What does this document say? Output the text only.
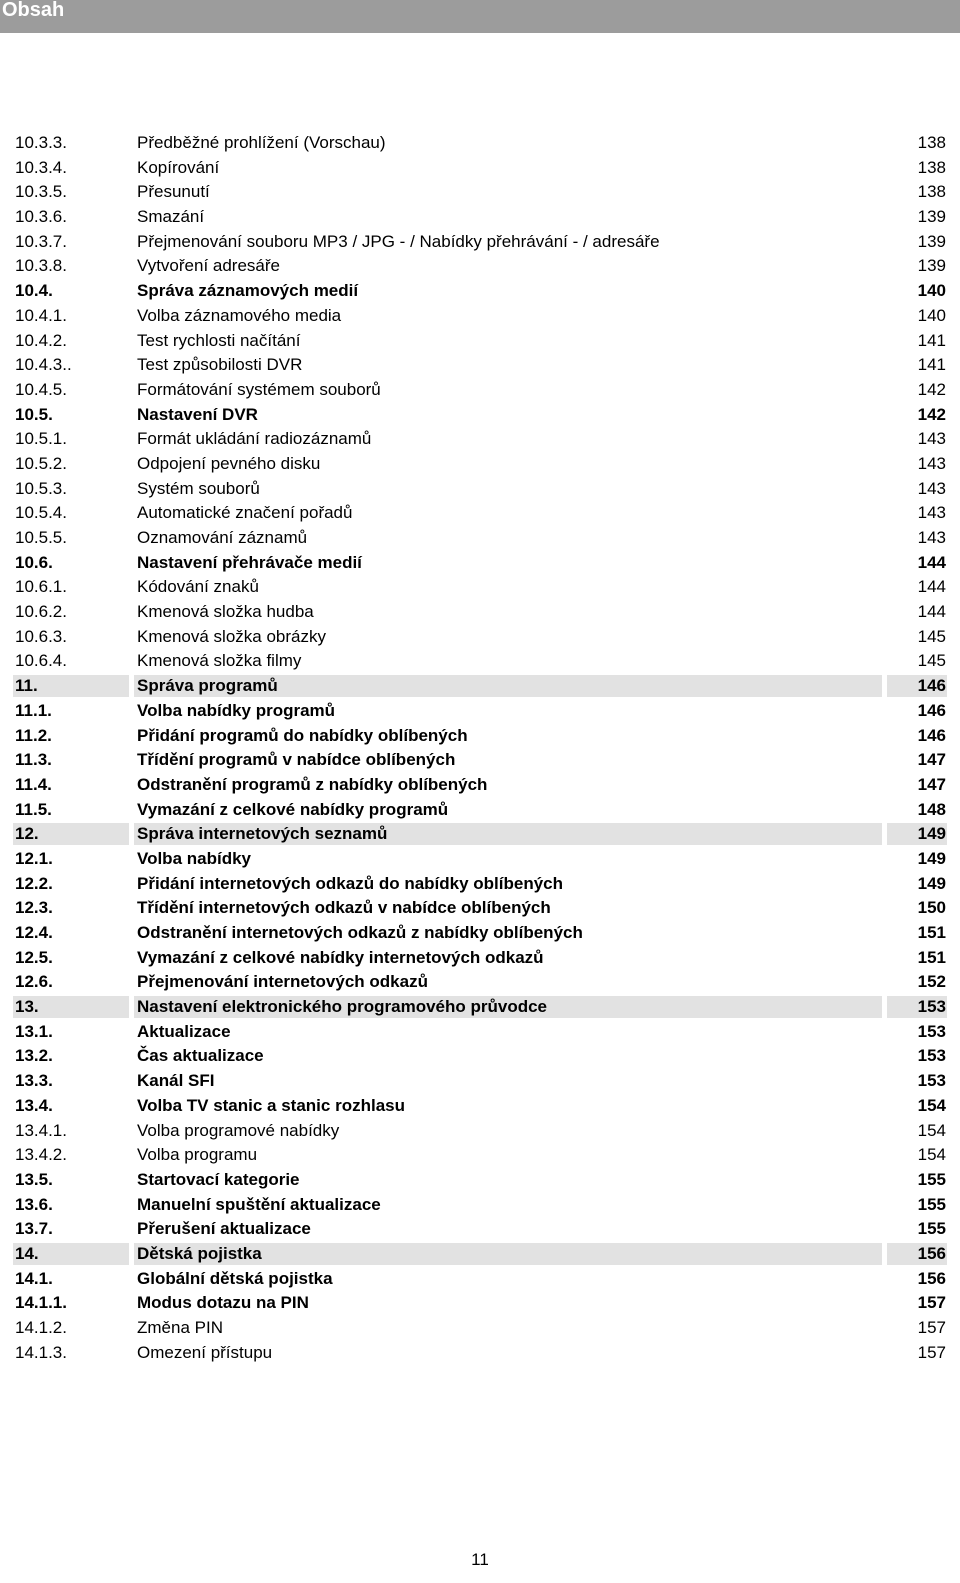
Obsah
10.3.3.	Předběžné prohlížení (Vorschau)	138
10.3.4.	Kopírování	138
10.3.5.	Přesunutí	138
10.3.6.	Smazání	139
10.3.7.	Přejmenování souboru MP3 / JPG - / Nabídky přehrávání - / adresáře	139
10.3.8.	Vytvoření adresáře	139
10.4.	Správa záznamových medií	140
10.4.1.	Volba záznamového media	140
10.4.2.	Test rychlosti načítání	141
10.4.3..	Test způsobilosti DVR	141
10.4.5.	Formátování systémem souborů	142
10.5.	Nastavení DVR	142
10.5.1.	Formát ukládání radiozáznamů	143
10.5.2.	Odpojení pevného disku	143
10.5.3.	Systém souborů	143
10.5.4.	Automatické značení pořadů	143
10.5.5.	Oznamování záznamů	143
10.6.	Nastavení přehrávače medií	144
10.6.1.	Kódování znaků	144
10.6.2.	Kmenová složka hudba	144
10.6.3.	Kmenová složka obrázky	145
10.6.4.	Kmenová složka filmy	145
11.	Správa programů	146
11.1.	Volba nabídky programů	146
11.2.	Přidání programů do nabídky oblíbených	146
11.3.	Třídění programů v nabídce oblíbených	147
11.4.	Odstranění programů z nabídky oblíbených	147
11.5.	Vymazání z celkové nabídky programů	148
12.	Správa internetových seznamů	149
12.1.	Volba nabídky	149
12.2.	Přidání internetových odkazů do nabídky oblíbených	149
12.3.	Třídění internetových odkazů v nabídce oblíbených	150
12.4.	Odstranění internetových odkazů z nabídky oblíbených	151
12.5.	Vymazání z celkové nabídky internetových odkazů	151
12.6.	Přejmenování internetových odkazů	152
13.	Nastavení elektronického programového průvodce	153
13.1.	Aktualizace	153
13.2.	Čas aktualizace	153
13.3.	Kanál SFI	153
13.4.	Volba TV stanic a stanic rozhlasu	154
13.4.1.	Volba programové nabídky	154
13.4.2.	Volba programu	154
13.5.	Startovací kategorie	155
13.6.	Manuelní spuštění aktualizace	155
13.7.	Přerušení aktualizace	155
14.	Dětská pojistka	156
14.1.	Globální dětská pojistka	156
14.1.1.	Modus dotazu na PIN	157
14.1.2.	Změna PIN	157
14.1.3.	Omezení přístupu	157
11
